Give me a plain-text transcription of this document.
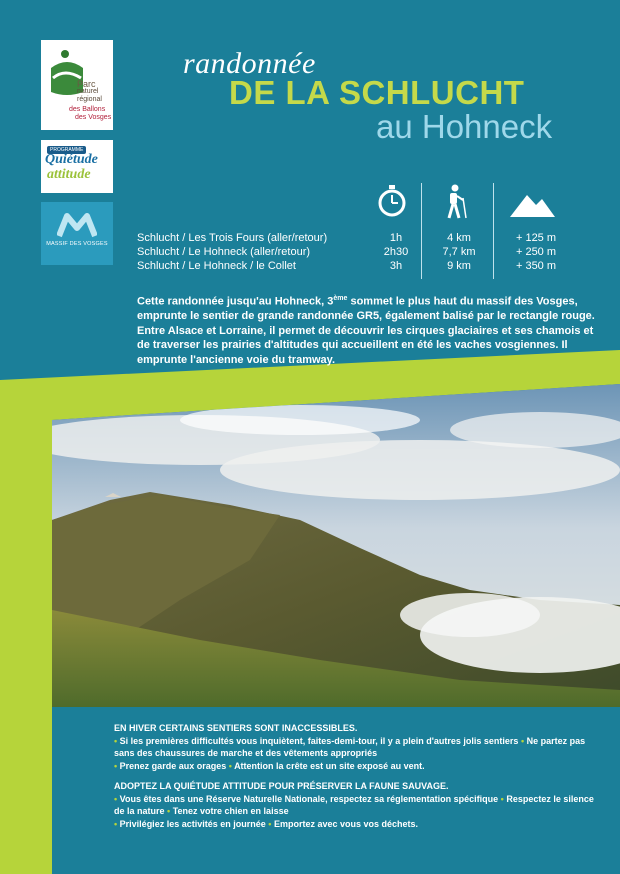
Parc
naturel
régional
des Ballons
des Vosges
PROGRAMME
Quiétude
attitude
MASSIF DES VOSGES
randonnée
DE LA SCHLUCHT
au Hohneck
Schlucht / Les Trois Fours (aller/retour)
Schlucht / Le Hohneck (aller/retour)
Schlucht / Le Hohneck / le Collet
1h
2h30
3h
4 km
7,7 km
9 km
+ 125 m
+ 250 m
+ 350 m
Cette randonnée jusqu'au Hohneck, 3ème sommet le plus haut du massif des Vosges, emprunte le sentier de grande randonnée GR5, également balisé par le rectangle rouge. Entre Alsace et Lorraine, il permet de découvrir les cirques glaciaires et ses chamois et de traverser les prairies d'altitudes qui accueillent en été les vaches vosgiennes. Il emprunte l'ancienne voie du tramway.

EN HIVER CERTAINS SENTIERS SONT INACCESSIBLES.
• Si les premières difficultés vous inquiètent, faites-demi-tour, il y a plein d'autres jolis sentiers • Ne partez pas sans des chaussures de marche et des vêtements appropriés
• Prenez garde aux orages • Attention la crête est un site exposé au vent.

ADOPTEZ LA QUIÉTUDE ATTITUDE POUR PRÉSERVER LA FAUNE SAUVAGE.
• Vous êtes dans une Réserve Naturelle Nationale, respectez sa réglementation spécifique • Respectez le silence de la nature • Tenez votre chien en laisse
• Privilégiez les activités en journée • Emportez avec vous vos déchets.
